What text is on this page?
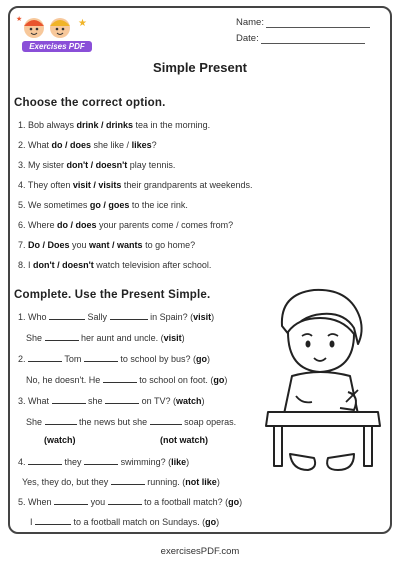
★
★
Exercises PDF
Name:
Date:
Simple Present
Choose the correct option.
1. Bob always drink / drinks tea in the morning.
2. What do / does she like / likes?
3. My sister don't / doesn't play tennis.
4. They often visit / visits their grandparents at weekends.
5. We sometimes go / goes to the ice rink.
6. Where do / does your parents come / comes from?
7. Do / Does you want / wants to go home?
8. I don't / doesn't watch television after school.
Complete. Use the Present Simple.
1. Who	Sally	in Spain? (visit)
She	her aunt and uncle. (visit)
2.	Tom	to school by bus? (go)
No, he doesn't. He	to school on foot. (go)
3. What	she	on TV? (watch)
She	the news but she	soap operas.
(watch)	(not watch)
4.	they	swimming? (like)
Yes, they do, but they	running. (not like)
5. When	you	to a football match? (go)
I	to a football match on Sundays. (go)
exercisesPDF.com
